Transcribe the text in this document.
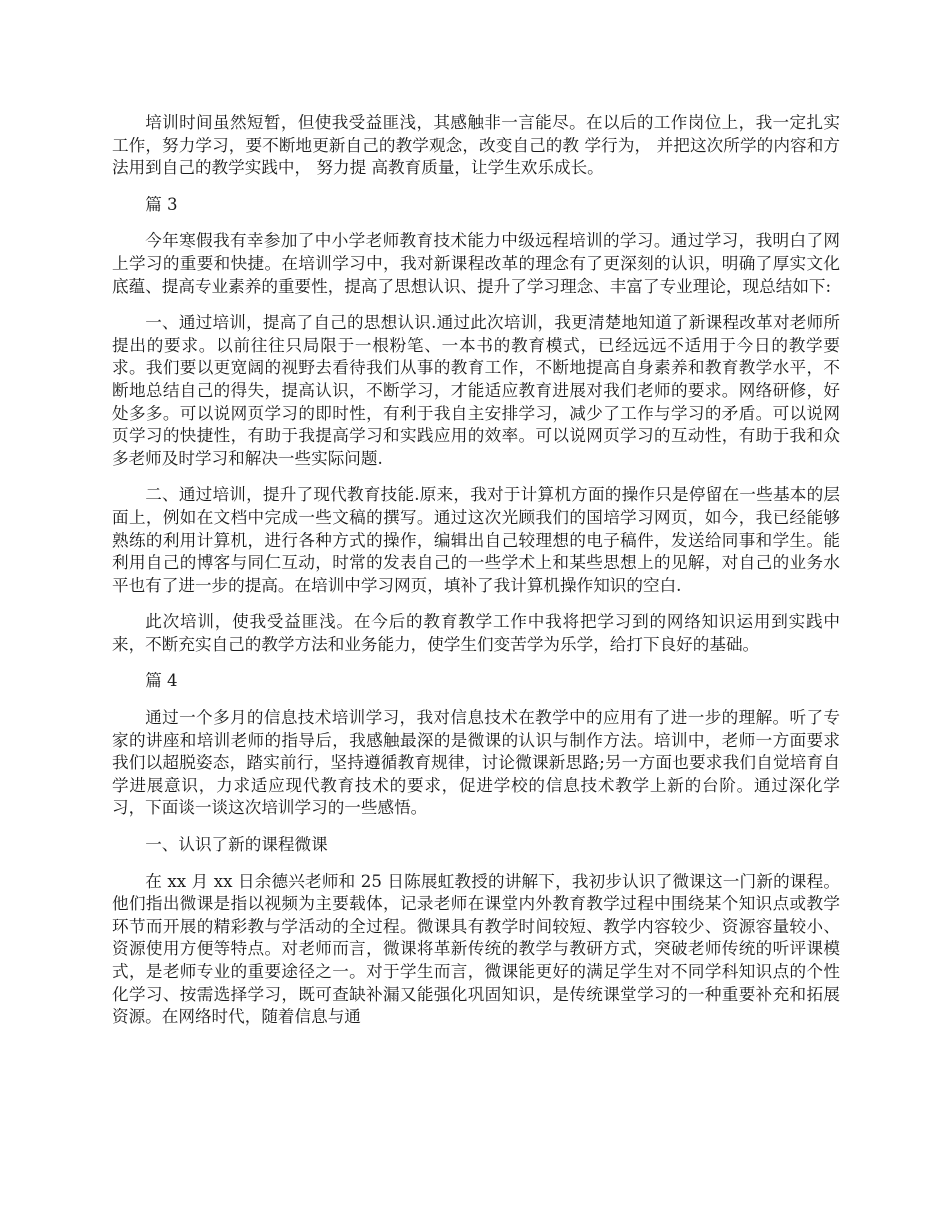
培训时间虽然短暂，但使我受益匪浅，其感触非一言能尽。在以后的工作岗位上，我一定扎实工作，努力学习，要不断地更新自己的教学观念，改变自己的教 学行为， 并把这次所学的内容和方法用到自己的教学实践中， 努力提 高教育质量，让学生欢乐成长。

篇 3

今年寒假我有幸参加了中小学老师教育技术能力中级远程培训的学习。通过学习，我明白了网上学习的重要和快捷。在培训学习中，我对新课程改革的理念有了更深刻的认识，明确了厚实文化底蕴、提高专业素养的重要性，提高了思想认识、提升了学习理念、丰富了专业理论，现总结如下:

一、通过培训，提高了自己的思想认识.通过此次培训，我更清楚地知道了新课程改革对老师所提出的要求。以前往往只局限于一根粉笔、一本书的教育模式，已经远远不适用于今日的教学要求。我们要以更宽阔的视野去看待我们从事的教育工作，不断地提高自身素养和教育教学水平，不断地总结自己的得失，提高认识，不断学习，才能适应教育进展对我们老师的要求。网络研修，好处多多。可以说网页学习的即时性，有利于我自主安排学习，减少了工作与学习的矛盾。可以说网页学习的快捷性，有助于我提高学习和实践应用的效率。可以说网页学习的互动性，有助于我和众多老师及时学习和解决一些实际问题.

二、通过培训，提升了现代教育技能.原来，我对于计算机方面的操作只是停留在一些基本的层面上，例如在文档中完成一些文稿的撰写。通过这次光顾我们的国培学习网页，如今，我已经能够熟练的利用计算机，进行各种方式的操作，编辑出自己较理想的电子稿件，发送给同事和学生。能利用自己的博客与同仁互动，时常的发表自己的一些学术上和某些思想上的见解，对自己的业务水平也有了进一步的提高。在培训中学习网页，填补了我计算机操作知识的空白.

此次培训，使我受益匪浅。在今后的教育教学工作中我将把学习到的网络知识运用到实践中来，不断充实自己的教学方法和业务能力，使学生们变苦学为乐学，给打下良好的基础。

篇 4

通过一个多月的信息技术培训学习，我对信息技术在教学中的应用有了进一步的理解。听了专家的讲座和培训老师的指导后，我感触最深的是微课的认识与制作方法。培训中，老师一方面要求我们以超脱姿态，踏实前行，坚持遵循教育规律，讨论微课新思路;另一方面也要求我们自觉培育自学进展意识，力求适应现代教育技术的要求，促进学校的信息技术教学上新的台阶。通过深化学习，下面谈一谈这次培训学习的一些感悟。

一、认识了新的课程微课

在 xx 月 xx 日余德兴老师和 25 日陈展虹教授的讲解下，我初步认识了微课这一门新的课程。他们指出微课是指以视频为主要载体，记录老师在课堂内外教育教学过程中围绕某个知识点或教学环节而开展的精彩教与学活动的全过程。微课具有教学时间较短、教学内容较少、资源容量较小、资源使用方便等特点。对老师而言，微课将革新传统的教学与教研方式，突破老师传统的听评课模式，是老师专业的重要途径之一。对于学生而言，微课能更好的满足学生对不同学科知识点的个性化学习、按需选择学习，既可查缺补漏又能强化巩固知识，是传统课堂学习的一种重要补充和拓展资源。在网络时代，随着信息与通
